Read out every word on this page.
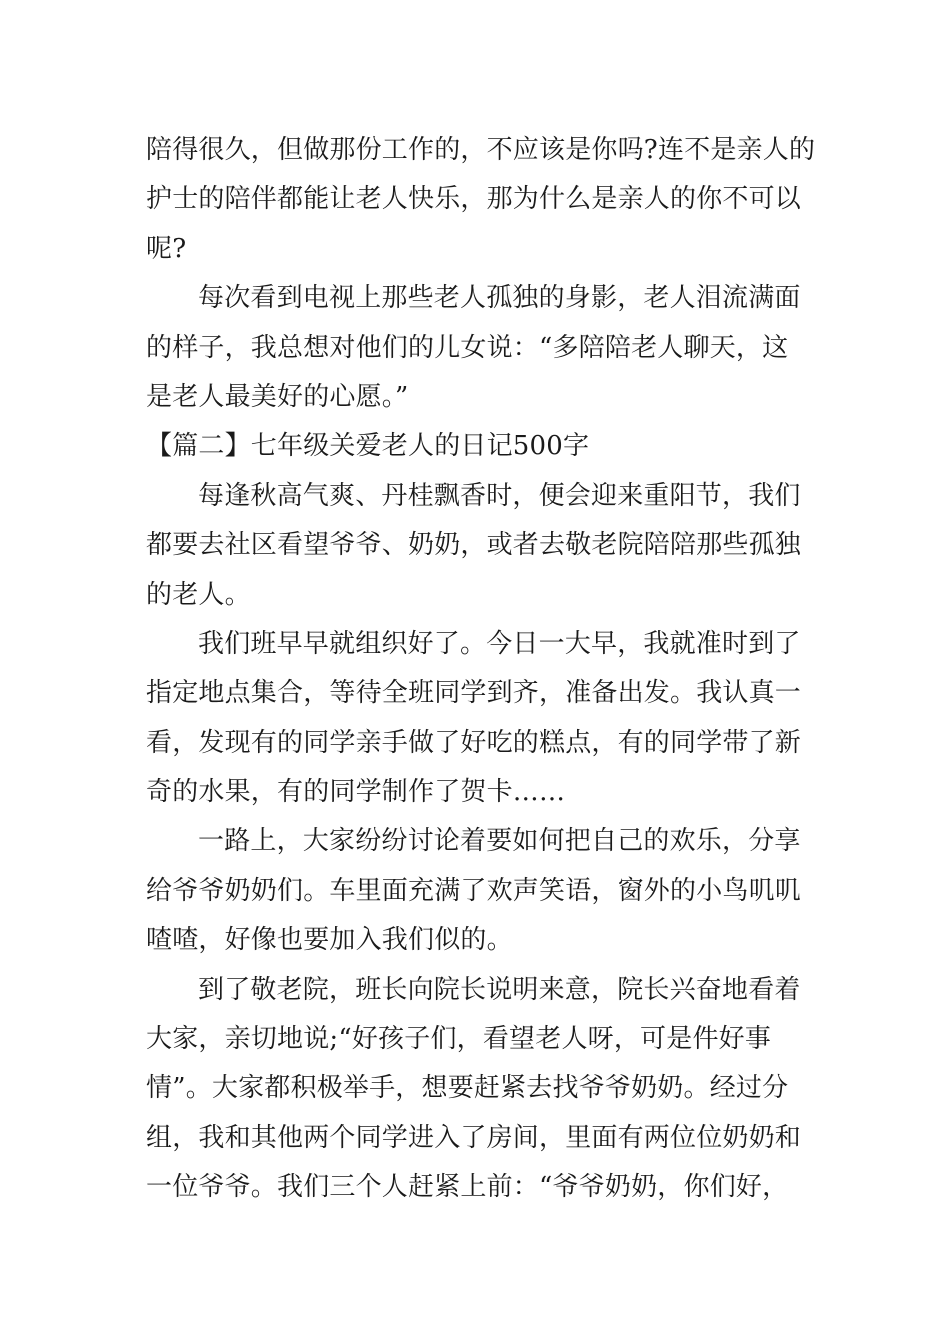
陪得很久，但做那份工作的，不应该是你吗?连不是亲人的
护士的陪伴都能让老人快乐，那为什么是亲人的你不可以
呢?
每次看到电视上那些老人孤独的身影，老人泪流满面
的样子，我总想对他们的儿女说：“多陪陪老人聊天，这
是老人最美好的心愿。”
【篇二】七年级关爱老人的日记500字
每逢秋高气爽、丹桂飘香时，便会迎来重阳节，我们
都要去社区看望爷爷、奶奶，或者去敬老院陪陪那些孤独
的老人。
我们班早早就组织好了。今日一大早，我就准时到了
指定地点集合，等待全班同学到齐，准备出发。我认真一
看，发现有的同学亲手做了好吃的糕点，有的同学带了新
奇的水果，有的同学制作了贺卡……
一路上，大家纷纷讨论着要如何把自己的欢乐，分享
给爷爷奶奶们。车里面充满了欢声笑语，窗外的小鸟叽叽
喳喳，好像也要加入我们似的。
到了敬老院，班长向院长说明来意，院长兴奋地看着
大家，亲切地说;“好孩子们，看望老人呀，可是件好事
情”。大家都积极举手，想要赶紧去找爷爷奶奶。经过分
组，我和其他两个同学进入了房间，里面有两位位奶奶和
一位爷爷。我们三个人赶紧上前：“爷爷奶奶，你们好，
